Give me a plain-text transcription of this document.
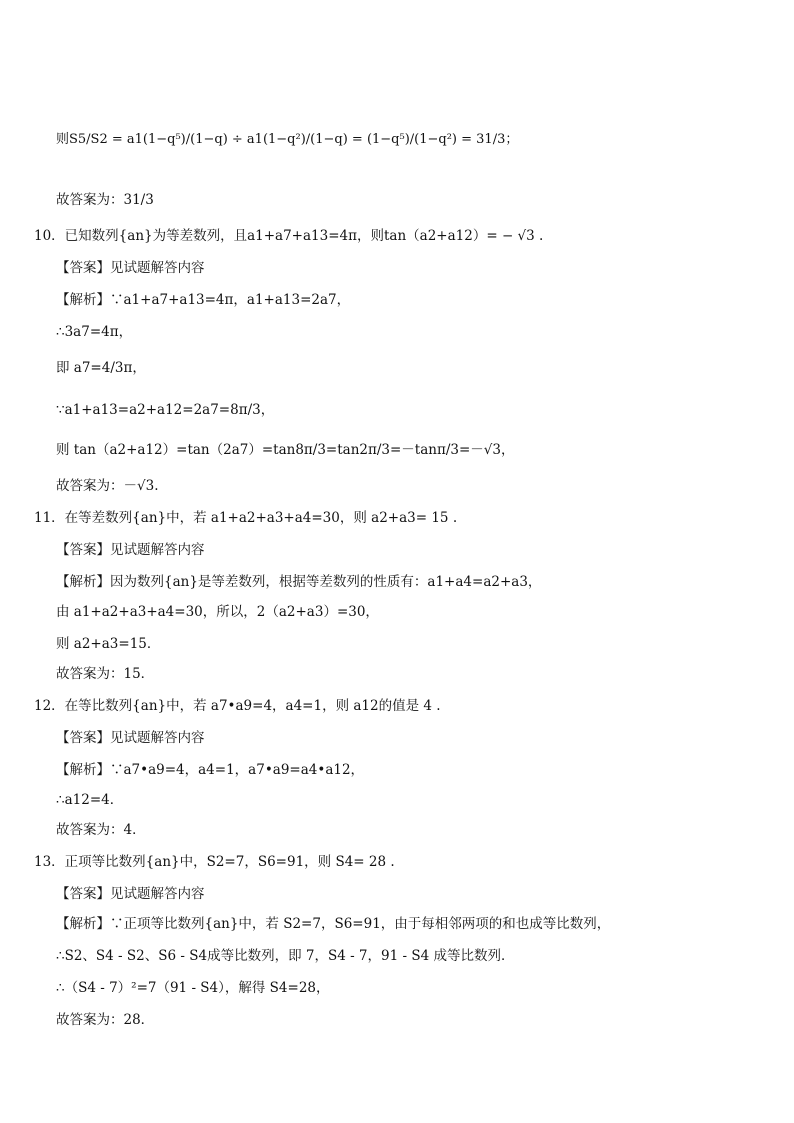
则S5/S2 = a1(1−q⁵)/(1−q) ÷ a1(1−q²)/(1−q) = (1−q⁵)/(1−q²) = 31/3；
故答案为：31/3
10．已知数列{an}为等差数列，且a1+a7+a13=4π，则tan（a2+a12）= − √3 .
【答案】见试题解答内容
【解析】∵a1+a7+a13=4π，a1+a13=2a7，
∴3a7=4π，
即 a7=4/3π，
∵a1+a13=a2+a12=2a7=8π/3，
则 tan（a2+a12）=tan（2a7）=tan8π/3=tan2π/3=－tanπ/3=－√3，
故答案为：－√3.
11．在等差数列{an}中，若 a1+a2+a3+a4=30，则 a2+a3= 15 .
【答案】见试题解答内容
【解析】因为数列{an}是等差数列，根据等差数列的性质有：a1+a4=a2+a3，
由 a1+a2+a3+a4=30，所以，2（a2+a3）=30，
则 a2+a3=15．
故答案为：15．
12．在等比数列{an}中，若 a7•a9=4，a4=1，则 a12的值是 4 .
【答案】见试题解答内容
【解析】∵a7•a9=4，a4=1，a7•a9=a4•a12，
∴a12=4．
故答案为：4．
13．正项等比数列{an}中，S2=7，S6=91，则 S4= 28 .
【答案】见试题解答内容
【解析】∵正项等比数列{an}中，若 S2=7，S6=91，由于每相邻两项的和也成等比数列，
∴S2、S4 - S2、S6 - S4成等比数列，即 7，S4 - 7，91 - S4 成等比数列．
∴（S4 - 7）²=7（91 - S4），解得 S4=28，
故答案为：28．
